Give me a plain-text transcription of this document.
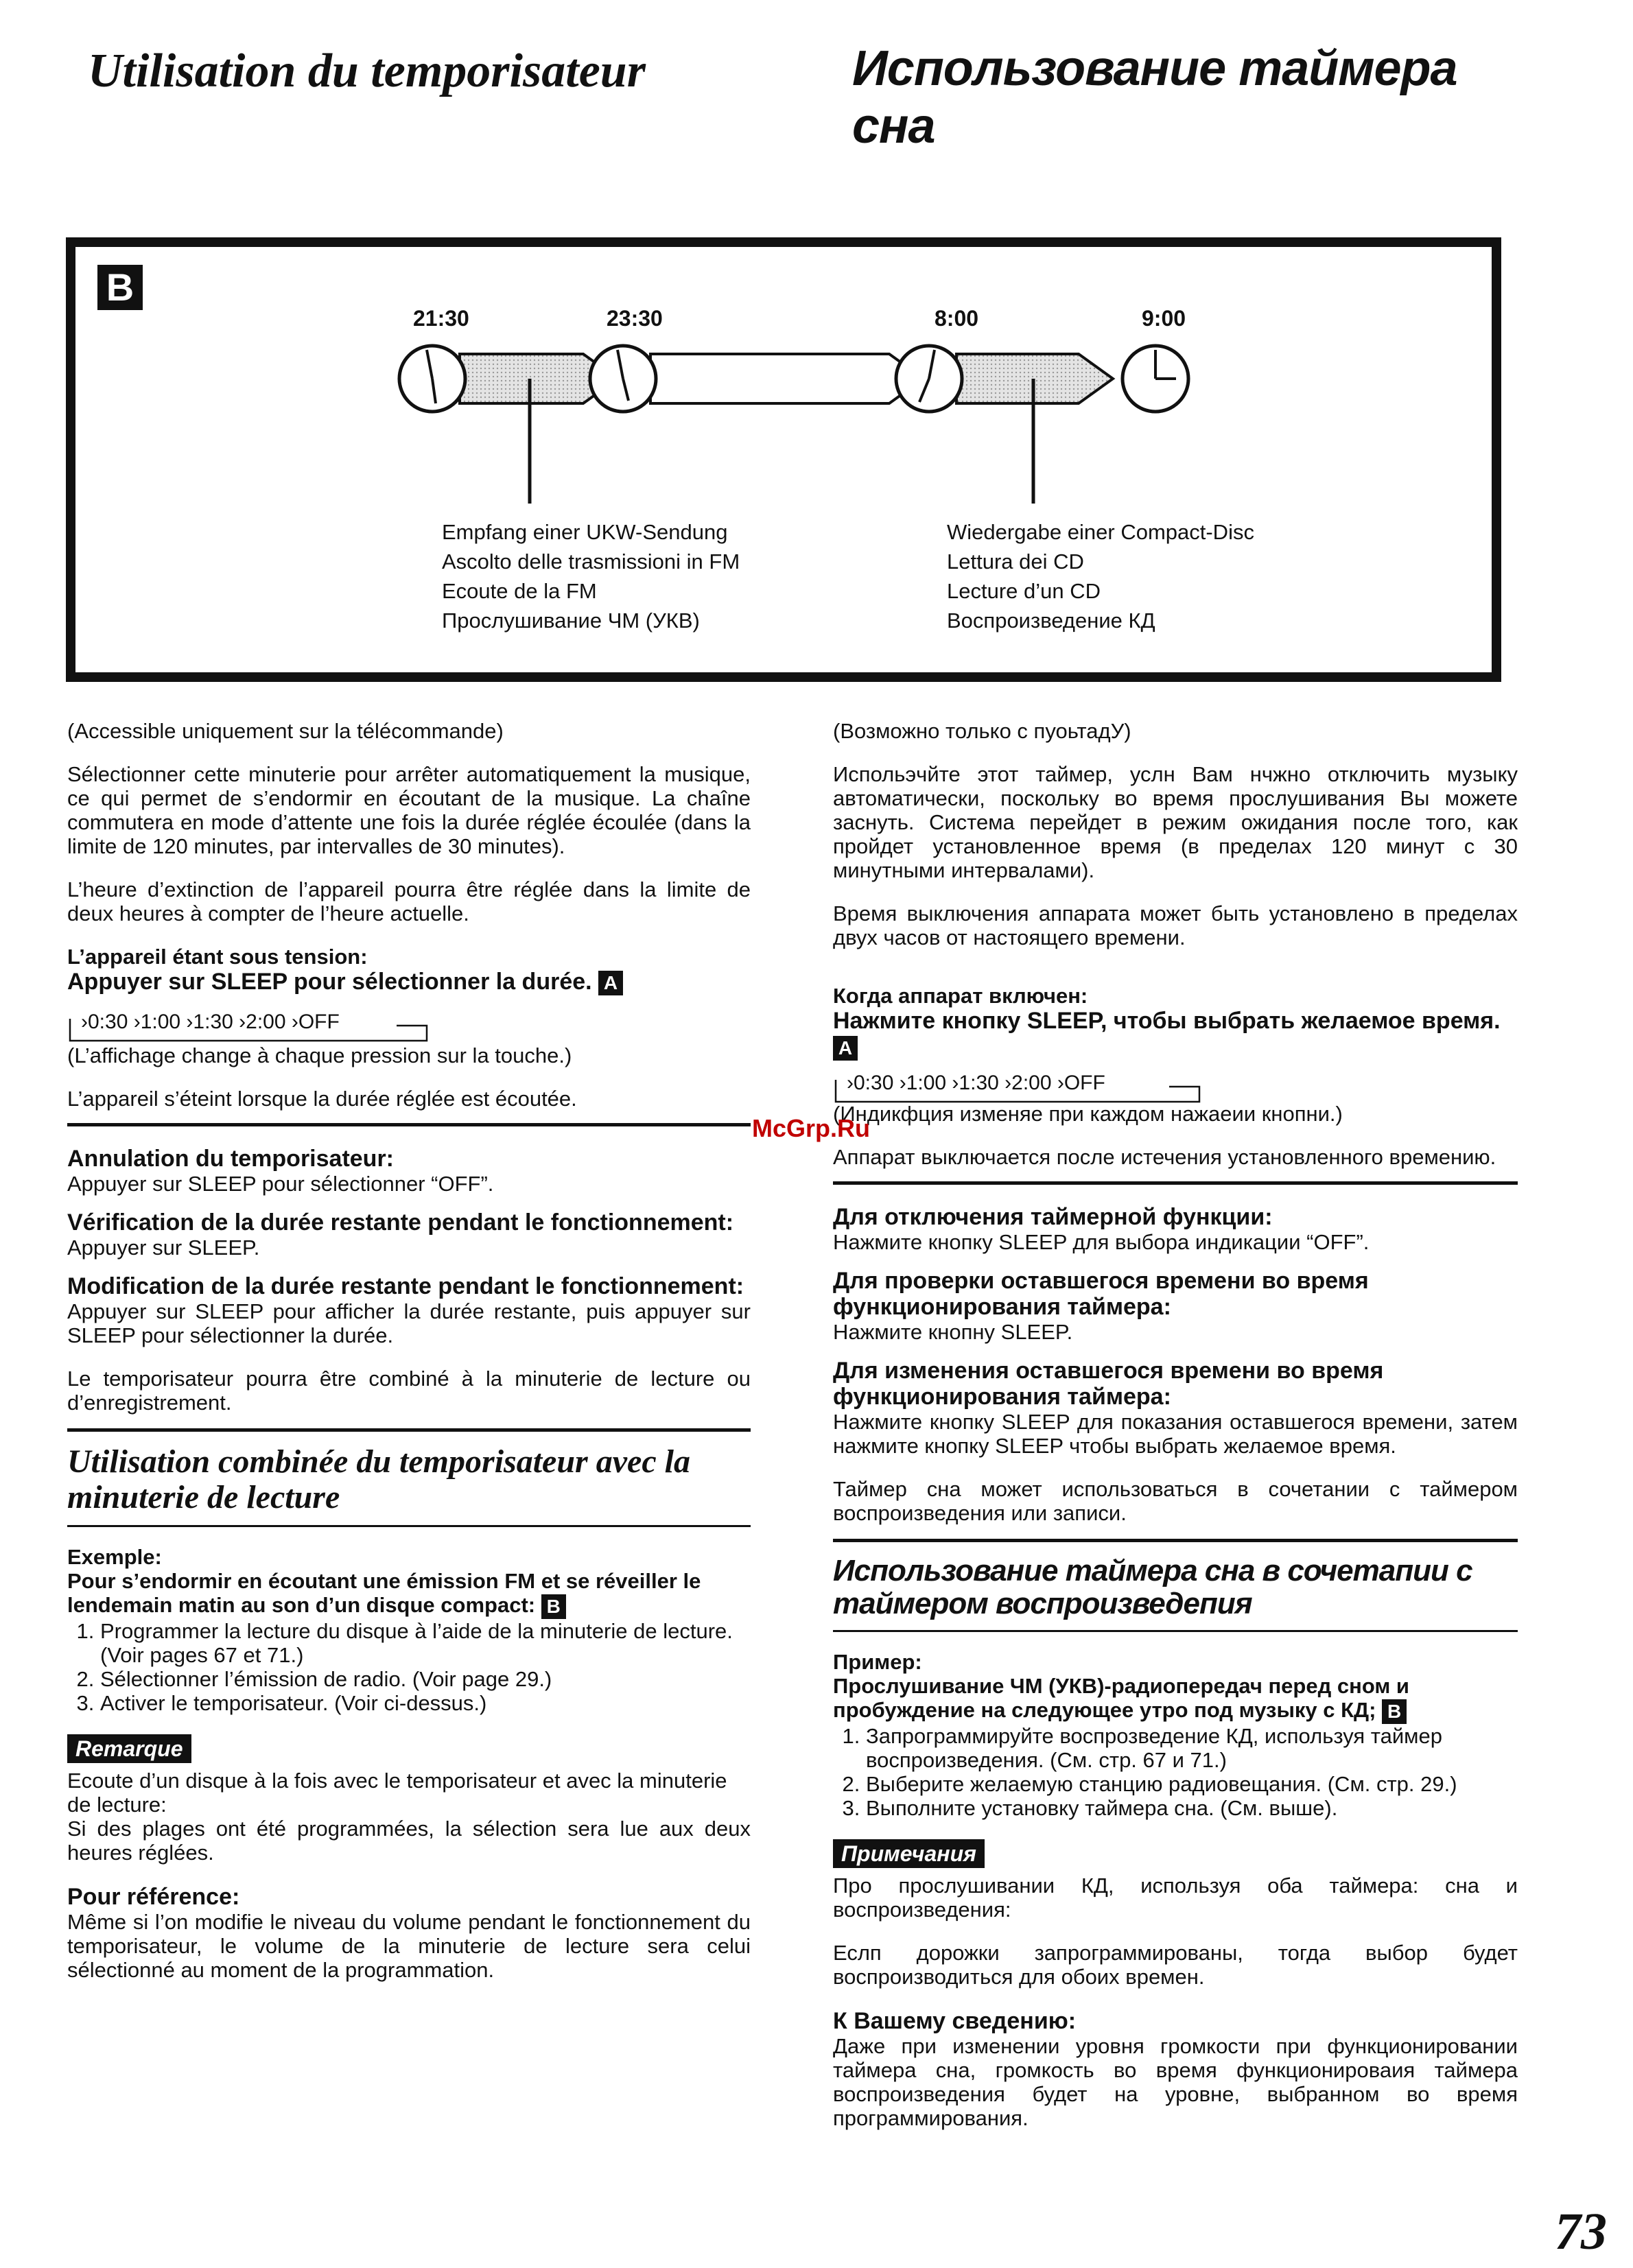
Utilisation du temporisateur	Использование таймера сна
B
21:30	23:30	8:00	9:00
Empfang einer UKW-Sendung
Ascolto delle trasmissioni in FM
Ecoute de la FM
Прослушивание ЧМ (УКВ)
Wiedergabe einer Compact-Disc
Lettura dei CD
Lecture d’un CD
Воспроизведение КД

(Accessible uniquement sur la télécommande)

Sélectionner cette minuterie pour arrêter automatiquement la musique, ce qui permet de s’endormir en écoutant de la musique. La chaîne commutera en mode d’attente une fois la durée réglée écoulée (dans la limite de 120 minutes, par intervalles de 30 minutes).

L’heure d’extinction de l’appareil pourra être réglée dans la limite de deux heures à compter de l’heure actuelle.

L’appareil étant sous tension:
Appuyer sur SLEEP pour sélectionner la durée. A
›0:30 ›1:00 ›1:30 ›2:00 ›OFF

(L’affichage change à chaque pression sur la touche.)

L’appareil s’éteint lorsque la durée réglée est écoutée.

Annulation du temporisateur:

Appuyer sur SLEEP pour sélectionner “OFF”.

Vérification de la durée restante pendant le fonctionnement:

Appuyer sur SLEEP.

Modification de la durée restante pendant le fonctionnement:

Appuyer sur SLEEP pour afficher la durée restante, puis appuyer sur SLEEP pour sélectionner la durée.

Le temporisateur pourra être combiné à la minuterie de lecture ou d’enregistrement.

Utilisation combinée du temporisateur avec la minuterie de lecture
Exemple:
Pour s’endormir en écoutant une émission FM et se réveiller le lendemain matin au son d’un disque compact: B
1. Programmer la lecture du disque à l’aide de la minuterie de lecture. (Voir pages 67 et 71.)
2. Sélectionner l’émission de radio. (Voir page 29.)
3. Activer le temporisateur. (Voir ci-dessus.)
Remarque
Ecoute d’un disque à la fois avec le temporisateur et avec la minuterie de lecture:

Si des plages ont été programmées, la sélection sera lue aux deux heures réglées.

Pour référence:

Même si l’on modifie le niveau du volume pendant le fonctionnement du temporisateur, le volume de la minuterie de lecture sera celui sélectionné au moment de la programmation.

(Возможно только с пуоьтадУ)

Испольэчйте этот таймер, услн Вам нчжно отключить музыку автоматически, поскольку во время прослушивания Вы можете заснуть. Система перейдет в режим ожидания после того, как пройдет установленное время (в пределах 120 минут с 30 минутными интервалами).

Время выключения аппарата может быть установлено в пределах двух часов от настоящего времени.

Когда аппарат включен:
Нажмите кнопку SLEEP, чтобы выбрать желаемое время. A
›0:30 ›1:00 ›1:30 ›2:00 ›OFF

(Индикфция изменяе при каждом нажаеии кнопни.)

Аппарат выключается после истечения установленного времению.

Для отключения таймерной функции:

Нажмите кнопку SLEEP для выбора индикации “OFF”.

Для проверки оставшегося времени во время функционирования таймера:

Нажмите кнопну SLEEP.

Для изменения оставшегося времени во время функционирования таймера:

Нажмите кнопку SLEEP для показания оставшегося времени, затем нажмите кнопку SLEEP чтобы выбрать желаемое время.

Таймер сна может использоваться в сочетании с таймером воспроизведения или записи.

Использование таймера сна в сочетапии с таймером воспроизведепия
Пример:
Прослушивание ЧМ (УКВ)-радиопередач перед сном и пробуждение на следующее утро под музыку с КД; B
1. Запрограммируйте воспрозведение КД, используя таймер воспроизведения. (См. стр. 67 и 71.)
2. Выберите желаемую станцию радиовещания. (См. стр. 29.)
3. Выполните установку таймера сна. (См. выше).
Примечания

Про прослушивании КД, используя оба таймера: сна и воспроизведения:

Еслп дорожки запрограммированы, тогда выбор будет воспроизводиться для обоих времен.

К Вашему сведению:

Даже при изменении уровня громкости при функционировании таймера сна, громкость во время функционироваия таймера воспроизведения будет на уровне, выбранном во время программирования.

McGrp.Ru
73
